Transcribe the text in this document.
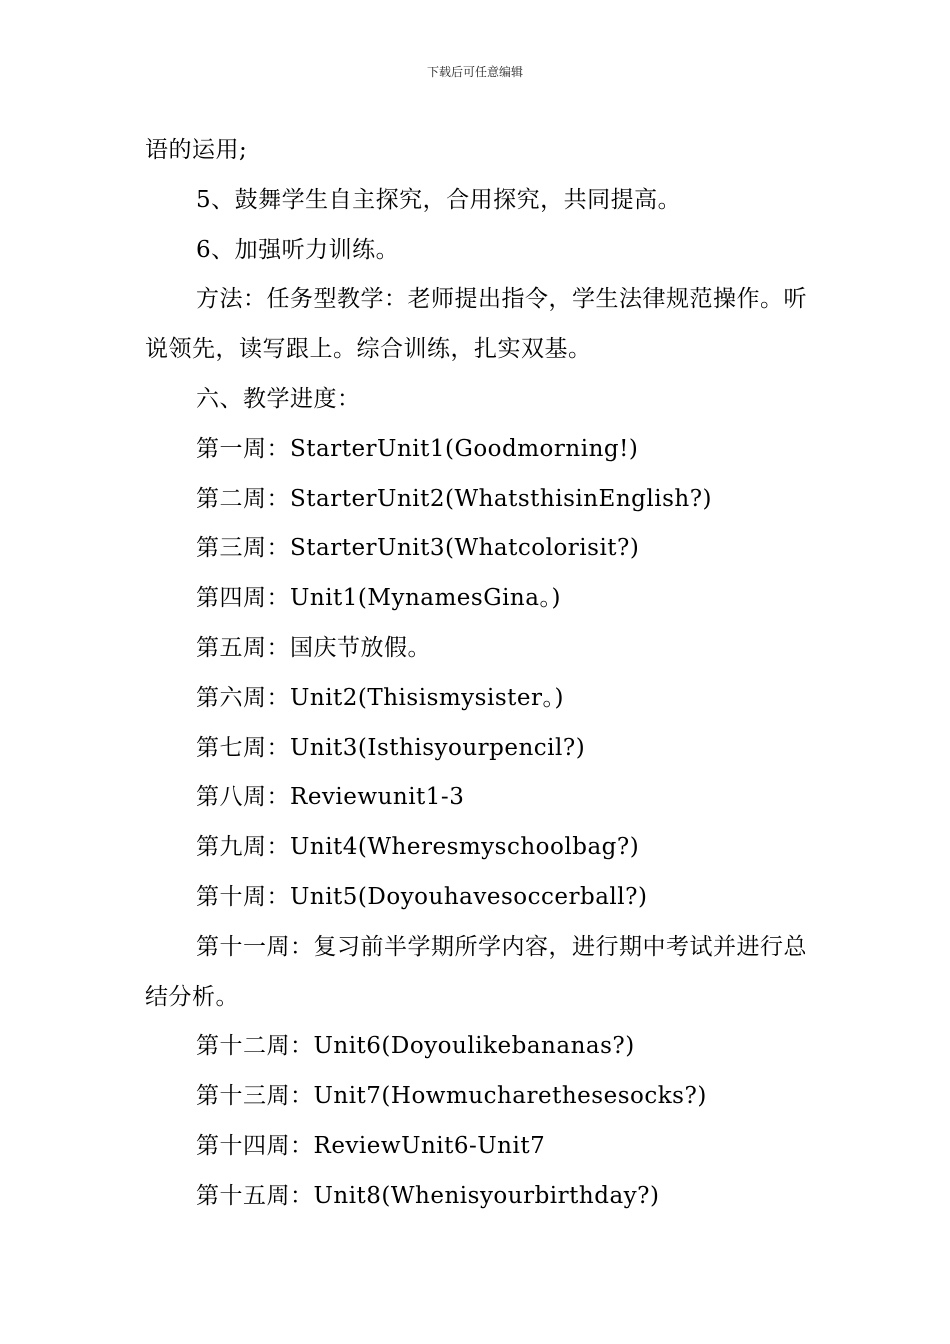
下载后可任意编辑

语的运用;

5、鼓舞学生自主探究，合用探究，共同提高。

6、加强听力训练。

方法：任务型教学：老师提出指令，学生法律规范操作。听说领先，读写跟上。综合训练，扎实双基。

六、教学进度：

第一周：StarterUnit1(Goodmorning!)

第二周：StarterUnit2(WhatsthisinEnglish?)

第三周：StarterUnit3(Whatcolorisit?)

第四周：Unit1(MynamesGina。)

第五周：国庆节放假。

第六周：Unit2(Thisismysister。)

第七周：Unit3(Isthisyourpencil?)

第八周：Reviewunit1-3

第九周：Unit4(Wheresmyschoolbag?)

第十周：Unit5(Doyouhavesoccerball?)

第十一周：复习前半学期所学内容，进行期中考试并进行总结分析。

第十二周：Unit6(Doyoulikebananas?)

第十三周：Unit7(Howmucharethesesocks?)

第十四周：ReviewUnit6-Unit7

第十五周：Unit8(Whenisyourbirthday?)
